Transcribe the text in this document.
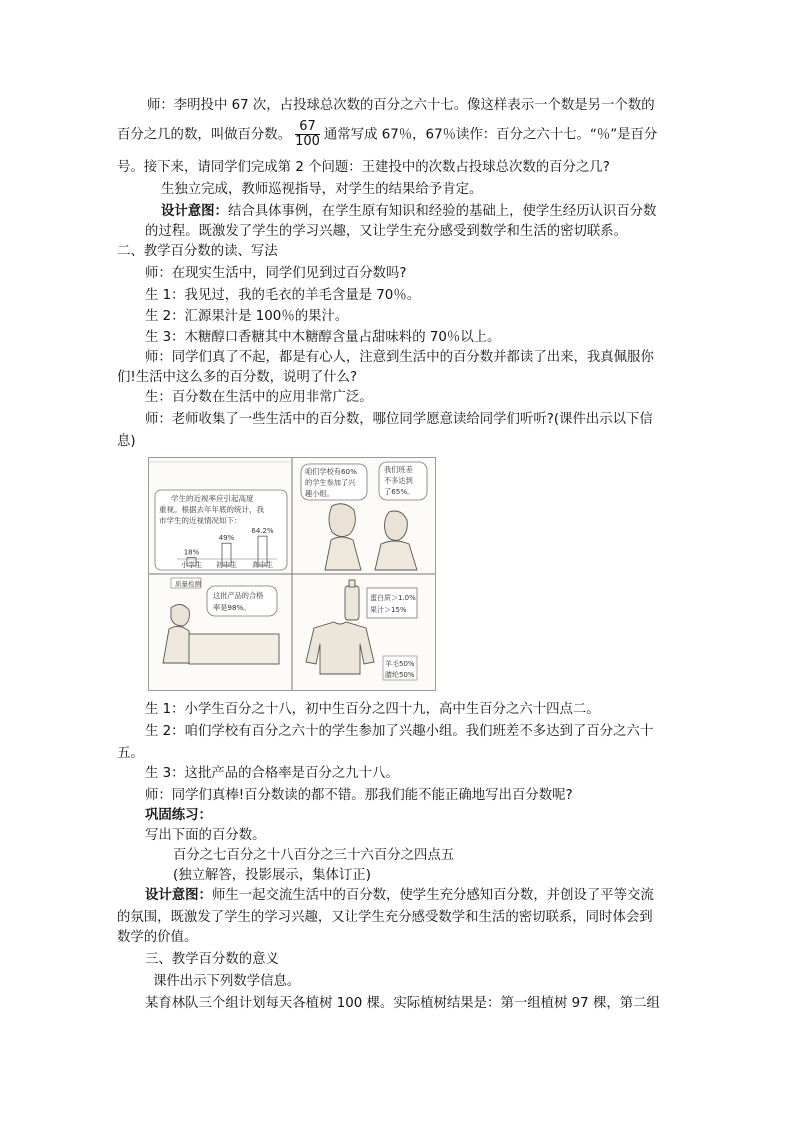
师：李明投中 67 次，占投球总次数的百分之六十七。像这样表示一个数是另一个数的
百分之几的数，叫做百分数。 $\frac{67}{100}$ 通常写成 67％，67％读作：百分之六十七。“％”是百分
号。接下来，请同学们完成第 2 个问题：王建投中的次数占投球总次数的百分之几?
生独立完成，教师巡视指导，对学生的结果给予肯定。
设计意图：结合具体事例，在学生原有知识和经验的基础上，使学生经历认识百分数
的过程。既激发了学生的学习兴趣，又让学生充分感受到数学和生活的密切联系。
二、教学百分数的读、写法
师：在现实生活中，同学们见到过百分数吗?
生 1：我见过，我的毛衣的羊毛含量是 70％。
生 2：汇源果汁是 100％的果汁。
生 3：木糖醇口香糖其中木糖醇含量占甜味料的 70％以上。
师：同学们真了不起，都是有心人，注意到生活中的百分数并都读了出来，我真佩服你
们!生活中这么多的百分数，说明了什么?
生：百分数在生活中的应用非常广泛。
师：老师收集了一些生活中的百分数，哪位同学愿意读给同学们听听?(课件出示以下信
息)
学生的近视率应引起高度 重视。根据去年年底的统计，我 市学生的近视情况如下：
18%
小学生
49%
初中生
64.2%
高中生
咱们学校有60% 的学生参加了兴 趣小组。
我们班差 不多达到 了65%。
质量检测
这批产品的合格 率是98%。
蛋白质＞1.0% 果汁＞15%
羊毛50% 腈纶50%
生 1：小学生百分之十八，初中生百分之四十九，高中生百分之六十四点二。
生 2：咱们学校有百分之六十的学生参加了兴趣小组。我们班差不多达到了百分之六十
五。
生 3：这批产品的合格率是百分之九十八。
师：同学们真棒!百分数读的都不错。那我们能不能正确地写出百分数呢?
巩固练习：
写出下面的百分数。
百分之七百分之十八百分之三十六百分之四点五
(独立解答，投影展示，集体订正)
设计意图：师生一起交流生活中的百分数，使学生充分感知百分数，并创设了平等交流
的氛围，既激发了学生的学习兴趣，又让学生充分感受数学和生活的密切联系，同时体会到
数学的价值。
三、教学百分数的意义
课件出示下列数学信息。
某育林队三个组计划每天各植树 100 棵。实际植树结果是：第一组植树 97 棵，第二组
